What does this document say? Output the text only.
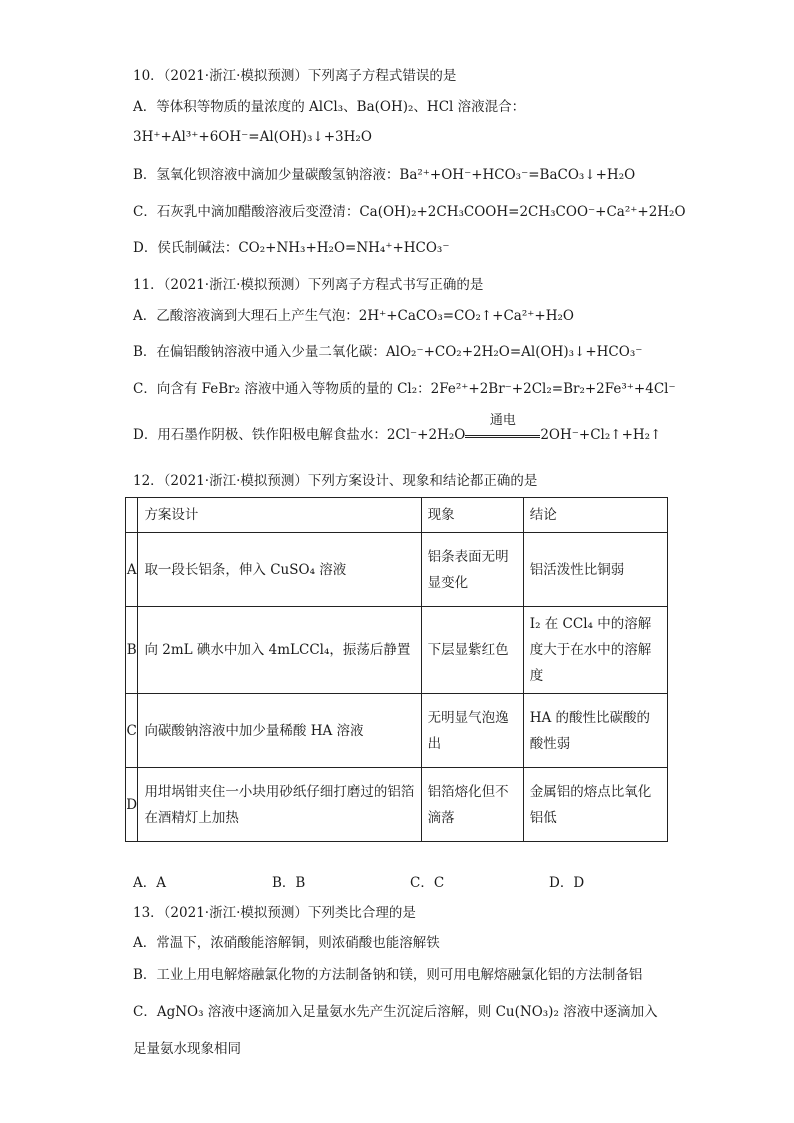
10．（2021·浙江·模拟预测）下列离子方程式错误的是
A．等体积等物质的量浓度的 AlCl₃、Ba(OH)₂、HCl 溶液混合：
3H⁺+Al³⁺+6OH⁻=Al(OH)₃↓+3H₂O
B．氢氧化钡溶液中滴加少量碳酸氢钠溶液：Ba²⁺+OH⁻+HCO₃⁻=BaCO₃↓+H₂O
C．石灰乳中滴加醋酸溶液后变澄清：Ca(OH)₂+2CH₃COOH=2CH₃COO⁻+Ca²⁺+2H₂O
D．侯氏制碱法：CO₂+NH₃+H₂O=NH₄⁺+HCO₃⁻
11．（2021·浙江·模拟预测）下列离子方程式书写正确的是
A．乙酸溶液滴到大理石上产生气泡：2H⁺+CaCO₃=CO₂↑+Ca²⁺+H₂O
B．在偏铝酸钠溶液中通入少量二氧化碳：AlO₂⁻+CO₂+2H₂O=Al(OH)₃↓+HCO₃⁻
C．向含有 FeBr₂ 溶液中通入等物质的量的 Cl₂：2Fe²⁺+2Br⁻+2Cl₂=Br₂+2Fe³⁺+4Cl⁻
D．用石墨作阴极、铁作阳极电解食盐水：2Cl⁻+2H₂O
通电
2OH⁻+Cl₂↑+H₂↑
12．（2021·浙江·模拟预测）下列方案设计、现象和结论都正确的是
	方案设计	现象	结论
A	取一段长铝条，伸入 CuSO₄ 溶液	铝条表面无明显变化	铝活泼性比铜弱
B	向 2mL 碘水中加入 4mLCCl₄，振荡后静置	下层显紫红色	I₂ 在 CCl₄ 中的溶解度大于在水中的溶解度
C	向碳酸钠溶液中加少量稀酸 HA 溶液	无明显气泡逸出	HA 的酸性比碳酸的酸性弱
D	用坩埚钳夹住一小块用砂纸仔细打磨过的铝箔在酒精灯上加热	铝箔熔化但不滴落	金属铝的熔点比氧化铝低
A．A	B．B	C．C	D．D
13．（2021·浙江·模拟预测）下列类比合理的是
A．常温下，浓硝酸能溶解铜，则浓硝酸也能溶解铁
B．工业上用电解熔融氯化物的方法制备钠和镁，则可用电解熔融氯化铝的方法制备铝
C．AgNO₃ 溶液中逐滴加入足量氨水先产生沉淀后溶解，则 Cu(NO₃)₂ 溶液中逐滴加入
足量氨水现象相同
